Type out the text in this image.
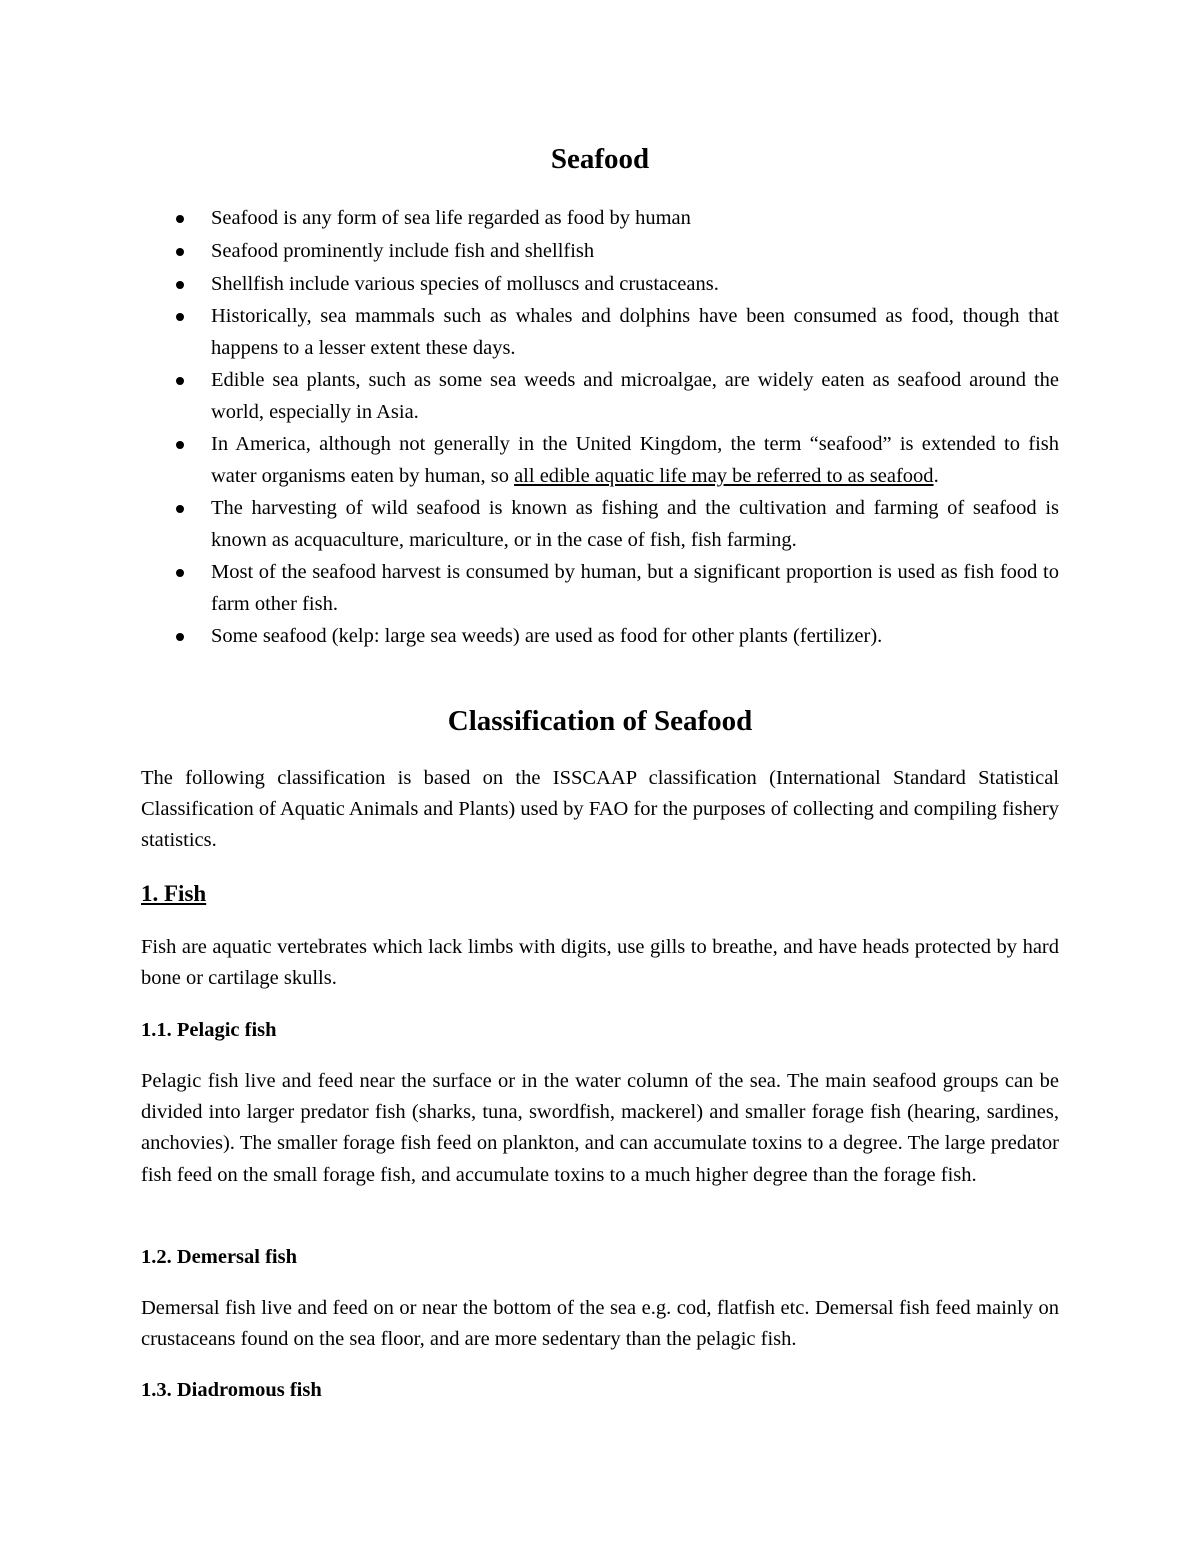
Seafood
Seafood is any form of sea life regarded as food by human
Seafood prominently include fish and shellfish
Shellfish include various species of molluscs and crustaceans.
Historically, sea mammals such as whales and dolphins have been consumed as food, though that happens to a lesser extent these days.
Edible sea plants, such as some sea weeds and microalgae, are widely eaten as seafood around the world, especially in Asia.
In America, although not generally in the United Kingdom, the term “seafood” is extended to fish water organisms eaten by human, so all edible aquatic life may be referred to as seafood.
The harvesting of wild seafood is known as fishing and the cultivation and farming of seafood is known as acquaculture, mariculture, or in the case of fish, fish farming.
Most of the seafood harvest is consumed by human, but a significant proportion is used as fish food to farm other fish.
Some seafood (kelp: large sea weeds) are used as food for other plants (fertilizer).
Classification of Seafood

The following classification is based on the ISSCAAP classification (International Standard Statistical Classification of Aquatic Animals and Plants) used by FAO for the purposes of collecting and compiling fishery statistics.

1. Fish

Fish are aquatic vertebrates which lack limbs with digits, use gills to breathe, and have heads protected by hard bone or cartilage skulls.

1.1. Pelagic fish

Pelagic fish live and feed near the surface or in the water column of the sea. The main seafood groups can be divided into larger predator fish (sharks, tuna, swordfish, mackerel) and smaller forage fish (hearing, sardines, anchovies). The smaller forage fish feed on plankton, and can accumulate toxins to a degree. The large predator fish feed on the small forage fish, and accumulate toxins to a much higher degree than the forage fish.

1.2. Demersal fish

Demersal fish live and feed on or near the bottom of the sea e.g. cod, flatfish etc. Demersal fish feed mainly on crustaceans found on the sea floor, and are more sedentary than the pelagic fish.

1.3. Diadromous fish
